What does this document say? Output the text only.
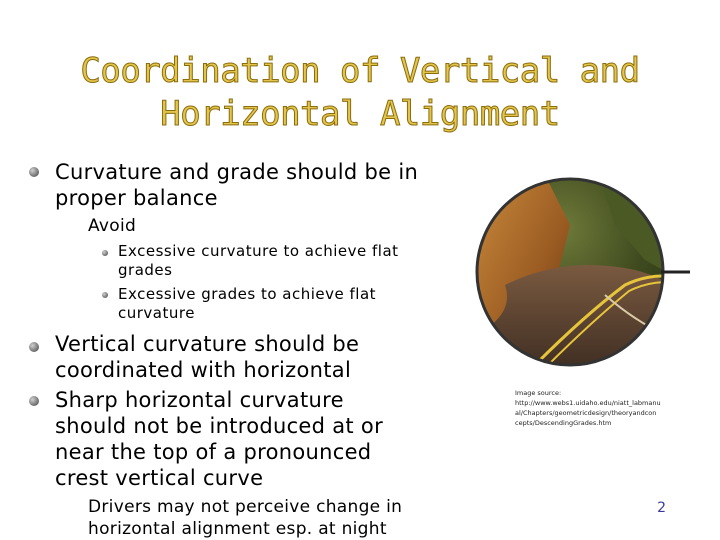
Coordination of Vertical and
Horizontal Alignment
Curvature and grade should be in
proper balance
Avoid
Excessive curvature to achieve flat
grades
Excessive grades to achieve flat
curvature
Vertical curvature should be
coordinated with horizontal
Sharp horizontal curvature
should not be introduced at or
near the top of a pronounced
crest vertical curve
Drivers may not perceive change in
horizontal alignment esp. at night
Image source:
http://www.webs1.uidaho.edu/niatt_labmanu
al/Chapters/geometricdesign/theoryandcon
cepts/DescendingGrades.htm
2
